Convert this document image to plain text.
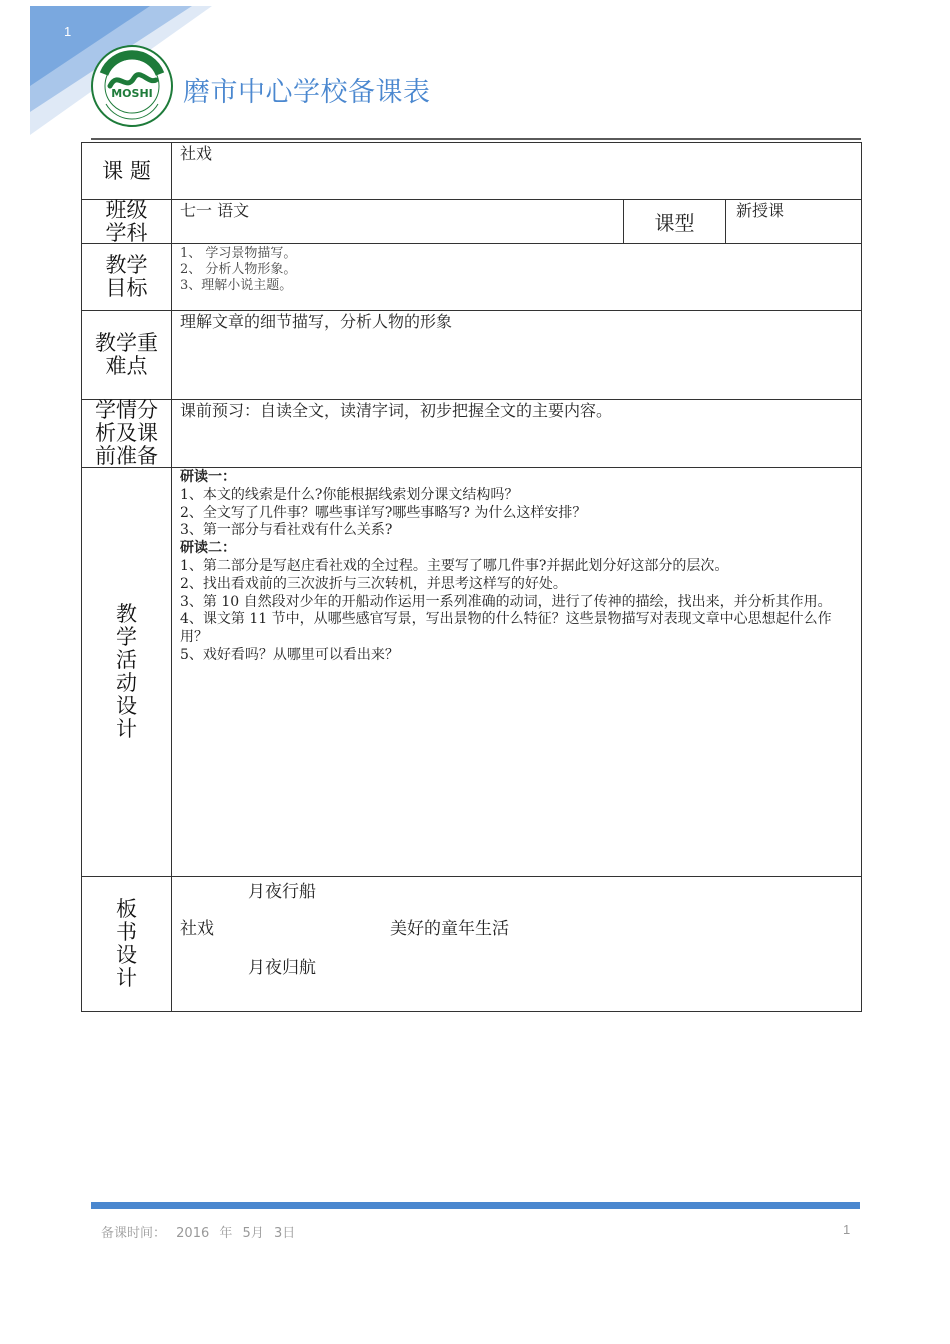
1
MOSHI 磨市中心学校备课表
课 题
社戏
班级学科
七一 语文
课型
新授课
教学目标
1、 学习景物描写。
2、 分析人物形象。
3、理解小说主题。
教学重难点
理解文章的细节描写，分析人物的形象
学情分析及课前准备
课前预习：自读全文，读清字词，初步把握全文的主要内容。
教学活动设计
研读一：
1、本文的线索是什么?你能根据线索划分课文结构吗？
2、全文写了几件事？哪些事详写?哪些事略写? 为什么这样安排？
3、第一部分与看社戏有什么关系?
研读二：
1、第二部分是写赵庄看社戏的全过程。主要写了哪几件事?并据此划分好这部分的层次。
2、找出看戏前的三次波折与三次转机，并思考这样写的好处。
3、第 10 自然段对少年的开船动作运用一系列准确的动词，进行了传神的描绘，找出来，并分析其作用。
4、课文第 11 节中，从哪些感官写景，写出景物的什么特征？这些景物描写对表现文章中心思想起什么作用？
5、戏好看吗？从哪里可以看出来？
板书设计
月夜行船
社戏	美好的童年生活
月夜归航
备课时间： 2016 年 5月 3日	1
